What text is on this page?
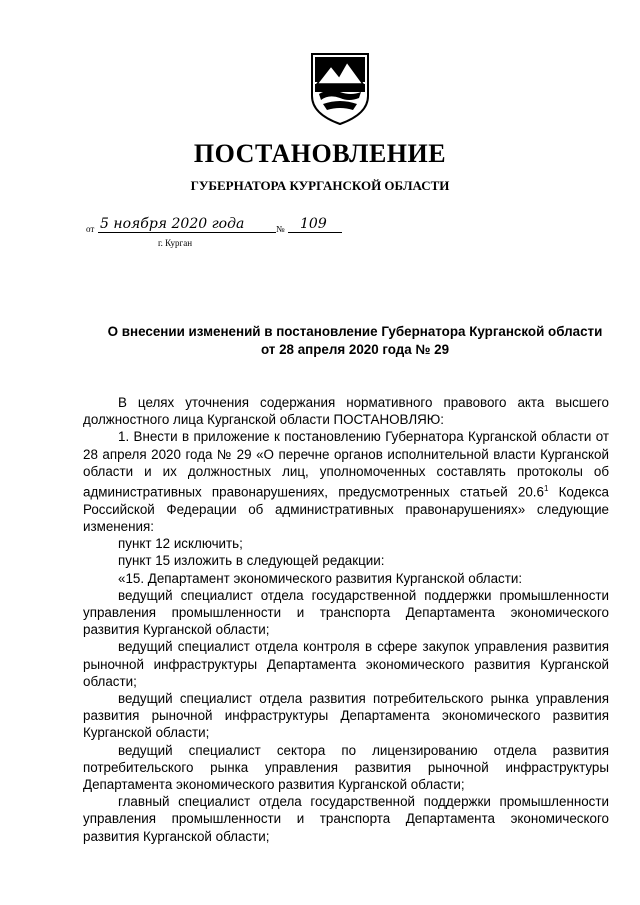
ПОСТАНОВЛЕНИЕ
ГУБЕРНАТОРА КУРГАНСКОЙ ОБЛАСТИ
от 5 ноября 2020 года	№ 109
г. Курган
О внесении изменений в постановление Губернатора Курганской области
от 28 апреля 2020 года № 29

В целях уточнения содержания нормативного правового акта высшего должностного лица Курганской области ПОСТАНОВЛЯЮ:

1. Внести в приложение к постановлению Губернатора Курганской области от 28 апреля 2020 года № 29 «О перечне органов исполнительной власти Курганской области и их должностных лиц, уполномоченных составлять протоколы об административных правонарушениях, предусмотренных статьей 20.6$^1$ Кодекса Российской Федерации об административных правонарушениях» следующие изменения:

пункт 12 исключить;

пункт 15 изложить в следующей редакции:

«15. Департамент экономического развития Курганской области:

ведущий специалист отдела государственной поддержки промышленности управления промышленности и транспорта Департамента экономического развития Курганской области;

ведущий специалист отдела контроля в сфере закупок управления развития рыночной инфраструктуры Департамента экономического развития Курганской области;

ведущий специалист отдела развития потребительского рынка управления развития рыночной инфраструктуры Департамента экономического развития Курганской области;

ведущий специалист сектора по лицензированию отдела развития потребительского рынка управления развития рыночной инфраструктуры Департамента экономического развития Курганской области;

главный специалист отдела государственной поддержки промышленности управления промышленности и транспорта Департамента экономического развития Курганской области;
